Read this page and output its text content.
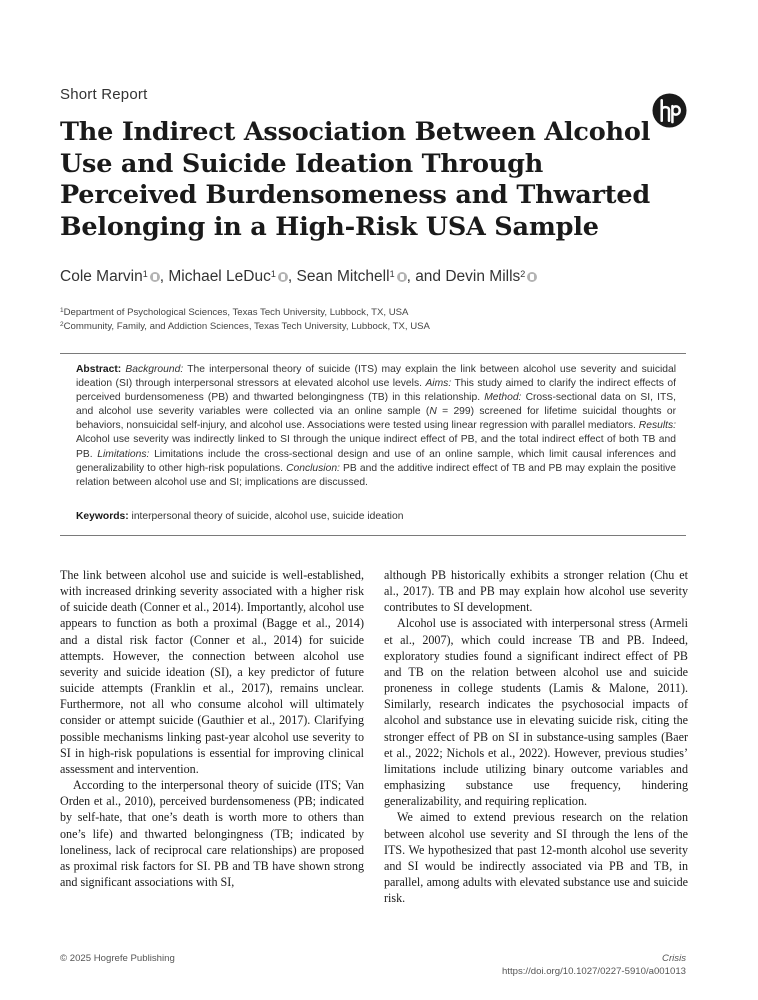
Short Report
The Indirect Association Between Alcohol Use and Suicide Ideation Through Perceived Burdensomeness and Thwarted Belonging in a High-Risk USA Sample
Cole Marvin$^1$ , Michael LeDuc$^1$ , Sean Mitchell$^1$ , and Devin Mills$^2$
$^1$Department of Psychological Sciences, Texas Tech University, Lubbock, TX, USA
$^2$Community, Family, and Addiction Sciences, Texas Tech University, Lubbock, TX, USA
Abstract: Background: The interpersonal theory of suicide (ITS) may explain the link between alcohol use severity and suicidal ideation (SI) through interpersonal stressors at elevated alcohol use levels. Aims: This study aimed to clarify the indirect effects of perceived burdensomeness (PB) and thwarted belongingness (TB) in this relationship. Method: Cross-sectional data on SI, ITS, and alcohol use severity variables were collected via an online sample (N = 299) screened for lifetime suicidal thoughts or behaviors, nonsuicidal self-injury, and alcohol use. Associations were tested using linear regression with parallel mediators. Results: Alcohol use severity was indirectly linked to SI through the unique indirect effect of PB, and the total indirect effect of both TB and PB. Limitations: Limitations include the cross-sectional design and use of an online sample, which limit causal inferences and generalizability to other high-risk populations. Conclusion: PB and the additive indirect effect of TB and PB may explain the positive relation between alcohol use and SI; implications are discussed.
Keywords: interpersonal theory of suicide, alcohol use, suicide ideation

The link between alcohol use and suicide is well-established, with increased drinking severity associated with a higher risk of suicide death (Conner et al., 2014). Importantly, alcohol use appears to function as both a proximal (Bagge et al., 2014) and a distal risk factor (Conner et al., 2014) for suicide attempts. However, the connection between alcohol use severity and suicide ideation (SI), a key predictor of future suicide attempts (Franklin et al., 2017), remains unclear. Furthermore, not all who consume alcohol will ultimately consider or attempt suicide (Gauthier et al., 2017). Clarifying possible mechanisms linking past-year alcohol use severity to SI in high-risk populations is essential for improving clinical assessment and intervention.

According to the interpersonal theory of suicide (ITS; Van Orden et al., 2010), perceived burdensomeness (PB; indicated by self-hate, that one’s death is worth more to others than one’s life) and thwarted belongingness (TB; indicated by loneliness, lack of reciprocal care relationships) are proposed as proximal risk factors for SI. PB and TB have shown strong and significant associations with SI,

although PB historically exhibits a stronger relation (Chu et al., 2017). TB and PB may explain how alcohol use severity contributes to SI development.

Alcohol use is associated with interpersonal stress (Armeli et al., 2007), which could increase TB and PB. Indeed, exploratory studies found a significant indirect effect of PB and TB on the relation between alcohol use and suicide proneness in college students (Lamis & Malone, 2011). Similarly, research indicates the psychosocial impacts of alcohol and substance use in elevating suicide risk, citing the stronger effect of PB on SI in substance-using samples (Baer et al., 2022; Nichols et al., 2022). However, previous studies’ limitations include utilizing binary outcome variables and emphasizing substance use frequency, hindering generalizability, and requiring replication.

We aimed to extend previous research on the relation between alcohol use severity and SI through the lens of the ITS. We hypothesized that past 12-month alcohol use severity and SI would be indirectly associated via PB and TB, in parallel, among adults with elevated substance use and suicide risk.

© 2025 Hogrefe Publishing	Crisis
https://doi.org/10.1027/0227-5910/a001013
